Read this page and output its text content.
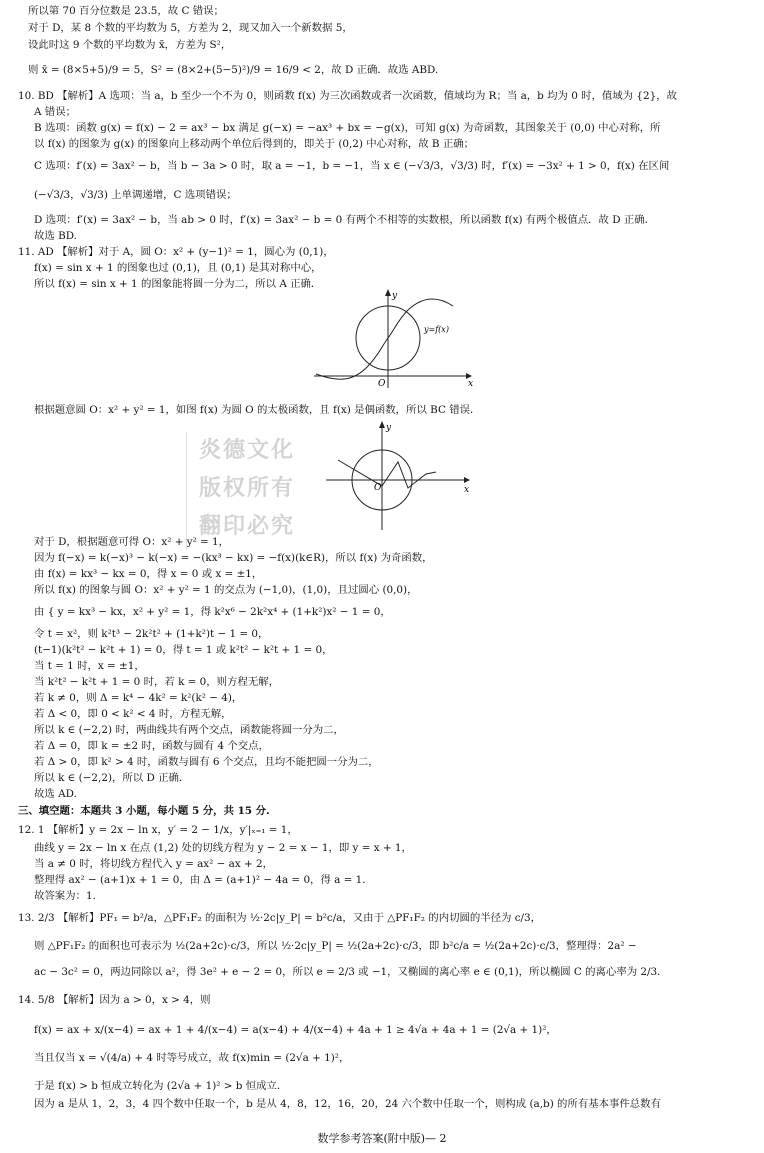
所以第 70 百分位数是 23.5，故 C 错误；
对于 D，某 8 个数的平均数为 5，方差为 2，现又加入一个新数据 5，
设此时这 9 个数的平均数为 x̄，方差为 S²，
则 x̄ = (8×5+5)/9 = 5，S² = (8×2+(5−5)²)/9 = 16/9 < 2，故 D 正确．故选 ABD.
10. BD 【解析】A 选项：当 a，b 至少一个不为 0，则函数 f(x) 为三次函数或者一次函数，值域均为 R；当 a，b 均为 0 时，值域为 {2}，故
A 错误；
B 选项：函数 g(x) = f(x) − 2 = ax³ − bx 满足 g(−x) = −ax³ + bx = −g(x)，可知 g(x) 为奇函数，其图象关于 (0,0) 中心对称，所
以 f(x) 的图象为 g(x) 的图象向上移动两个单位后得到的，即关于 (0,2) 中心对称，故 B 正确；
C 选项：f′(x) = 3ax² − b，当 b − 3a > 0 时，取 a = −1，b = −1，当 x ∈ (−√3/3，√3/3) 时，f′(x) = −3x² + 1 > 0，f(x) 在区间
(−√3/3，√3/3) 上单调递增，C 选项错误；
D 选项：f′(x) = 3ax² − b，当 ab > 0 时，f′(x) = 3ax² − b = 0 有两个不相等的实数根，所以函数 f(x) 有两个极值点．故 D 正确．
故选 BD.
11. AD 【解析】对于 A，圆 O：x² + (y−1)² = 1，圆心为 (0,1)，
f(x) = sin x + 1 的图象也过 (0,1)，且 (0,1) 是其对称中心，
所以 f(x) = sin x + 1 的图象能将圆一分为二，所以 A 正确．
y
x
O
y=f(x)
根据题意圆 O：x² + y² = 1，如图 f(x) 为圆 O 的太极函数，且 f(x) 是偶函数，所以 BC 错误．
y
x
O
炎德文化
版权所有
翻印必究
对于 D，根据题意可得 O：x² + y² = 1，
因为 f(−x) = k(−x)³ − k(−x) = −(kx³ − kx) = −f(x)(k∈R)，所以 f(x) 为奇函数，
由 f(x) = kx³ − kx = 0，得 x = 0 或 x = ±1，
所以 f(x) 的图象与圆 O：x² + y² = 1 的交点为 (−1,0)，(1,0)，且过圆心 (0,0)，
由 { y = kx³ − kx，x² + y² = 1，得 k²x⁶ − 2k²x⁴ + (1+k²)x² − 1 = 0，
令 t = x²，则 k²t³ − 2k²t² + (1+k²)t − 1 = 0，
(t−1)(k²t² − k²t + 1) = 0，得 t = 1 或 k²t² − k²t + 1 = 0，
当 t = 1 时，x = ±1，
当 k²t² − k²t + 1 = 0 时，若 k = 0，则方程无解，
若 k ≠ 0，则 Δ = k⁴ − 4k² = k²(k² − 4)，
若 Δ < 0，即 0 < k² < 4 时，方程无解，
所以 k ∈ (−2,2) 时，两曲线共有两个交点，函数能将圆一分为二，
若 Δ = 0，即 k = ±2 时，函数与圆有 4 个交点，
若 Δ > 0，即 k² > 4 时，函数与圆有 6 个交点，且均不能把圆一分为二，
所以 k ∈ (−2,2)，所以 D 正确．
故选 AD.
三、填空题：本题共 3 小题，每小题 5 分，共 15 分.
12. 1 【解析】y = 2x − ln x，y′ = 2 − 1/x，y′|ₓ₌₁ = 1，
曲线 y = 2x − ln x 在点 (1,2) 处的切线方程为 y − 2 = x − 1，即 y = x + 1，
当 a ≠ 0 时，将切线方程代入 y = ax² − ax + 2，
整理得 ax² − (a+1)x + 1 = 0，由 Δ = (a+1)² − 4a = 0，得 a = 1．
故答案为：1.
13. 2/3 【解析】PF₁ = b²/a，△PF₁F₂ 的面积为 ½·2c|y_P| = b²c/a，又由于 △PF₁F₂ 的内切圆的半径为 c/3，
则 △PF₁F₂ 的面积也可表示为 ½(2a+2c)·c/3，所以 ½·2c|y_P| = ½(2a+2c)·c/3，即 b²c/a = ½(2a+2c)·c/3，整理得：2a² −
ac − 3c² = 0，两边同除以 a²，得 3e² + e − 2 = 0，所以 e = 2/3 或 −1，又椭圆的离心率 e ∈ (0,1)，所以椭圆 C 的离心率为 2/3．
14. 5/8 【解析】因为 a > 0，x > 4，则
f(x) = ax + x/(x−4) = ax + 1 + 4/(x−4) = a(x−4) + 4/(x−4) + 4a + 1 ≥ 4√a + 4a + 1 = (2√a + 1)²，
当且仅当 x = √(4/a) + 4 时等号成立，故 f(x)min = (2√a + 1)²，
于是 f(x) > b 恒成立转化为 (2√a + 1)² > b 恒成立．
因为 a 是从 1，2，3，4 四个数中任取一个，b 是从 4，8，12，16，20，24 六个数中任取一个，则构成 (a,b) 的所有基本事件总数有
数学参考答案(附中版)— 2
